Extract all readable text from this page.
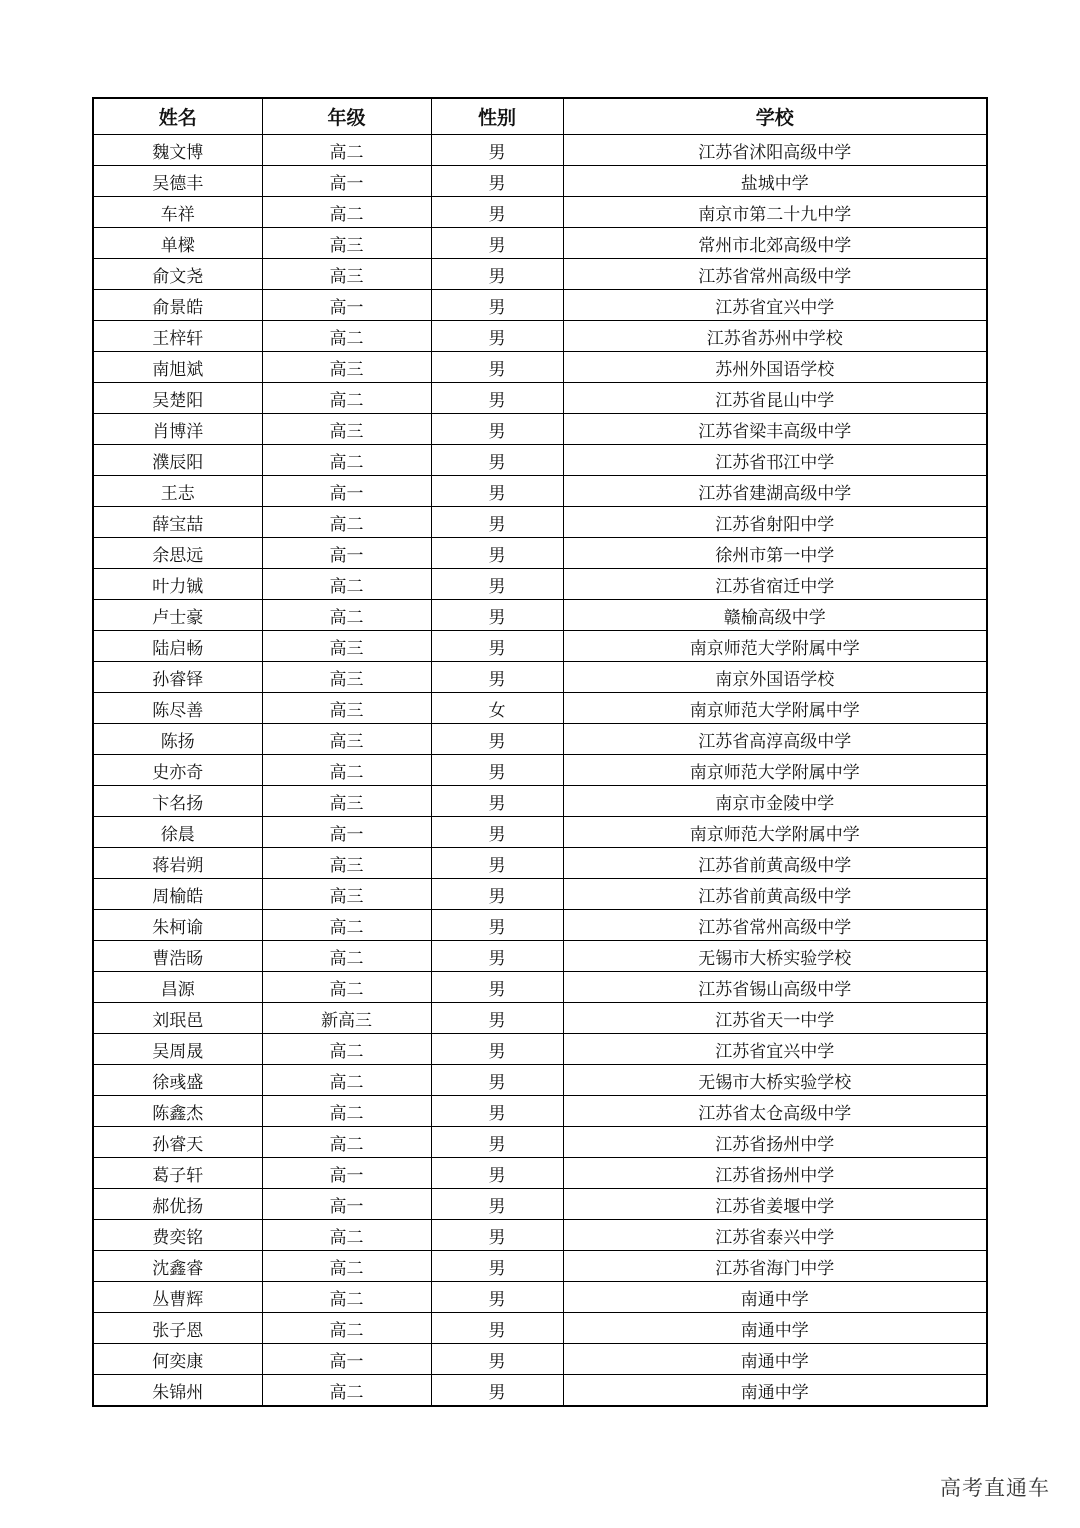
姓名	年级	性别	学校
魏文博	高二	男	江苏省沭阳高级中学
吴德丰	高一	男	盐城中学
车祥	高二	男	南京市第二十九中学
单樑	高三	男	常州市北郊高级中学
俞文尧	高三	男	江苏省常州高级中学
俞景皓	高一	男	江苏省宜兴中学
王梓轩	高二	男	江苏省苏州中学校
南旭斌	高三	男	苏州外国语学校
吴楚阳	高二	男	江苏省昆山中学
肖博洋	高三	男	江苏省梁丰高级中学
濮辰阳	高二	男	江苏省邗江中学
王志	高一	男	江苏省建湖高级中学
薛宝喆	高二	男	江苏省射阳中学
余思远	高一	男	徐州市第一中学
叶力铖	高二	男	江苏省宿迁中学
卢士豪	高二	男	赣榆高级中学
陆启畅	高三	男	南京师范大学附属中学
孙睿铎	高三	男	南京外国语学校
陈尽善	高三	女	南京师范大学附属中学
陈扬	高三	男	江苏省高淳高级中学
史亦奇	高二	男	南京师范大学附属中学
卞名扬	高三	男	南京市金陵中学
徐晨	高一	男	南京师范大学附属中学
蒋岩朔	高三	男	江苏省前黄高级中学
周榆皓	高三	男	江苏省前黄高级中学
朱柯谕	高二	男	江苏省常州高级中学
曹浩旸	高二	男	无锡市大桥实验学校
昌源	高二	男	江苏省锡山高级中学
刘珉邑	新高三	男	江苏省天一中学
吴周晟	高二	男	江苏省宜兴中学
徐彧盛	高二	男	无锡市大桥实验学校
陈鑫杰	高二	男	江苏省太仓高级中学
孙睿天	高二	男	江苏省扬州中学
葛子轩	高一	男	江苏省扬州中学
郝优扬	高一	男	江苏省姜堰中学
费奕铭	高二	男	江苏省泰兴中学
沈鑫睿	高二	男	江苏省海门中学
丛曹辉	高二	男	南通中学
张子恩	高二	男	南通中学
何奕康	高一	男	南通中学
朱锦州	高二	男	南通中学
高考直通车
